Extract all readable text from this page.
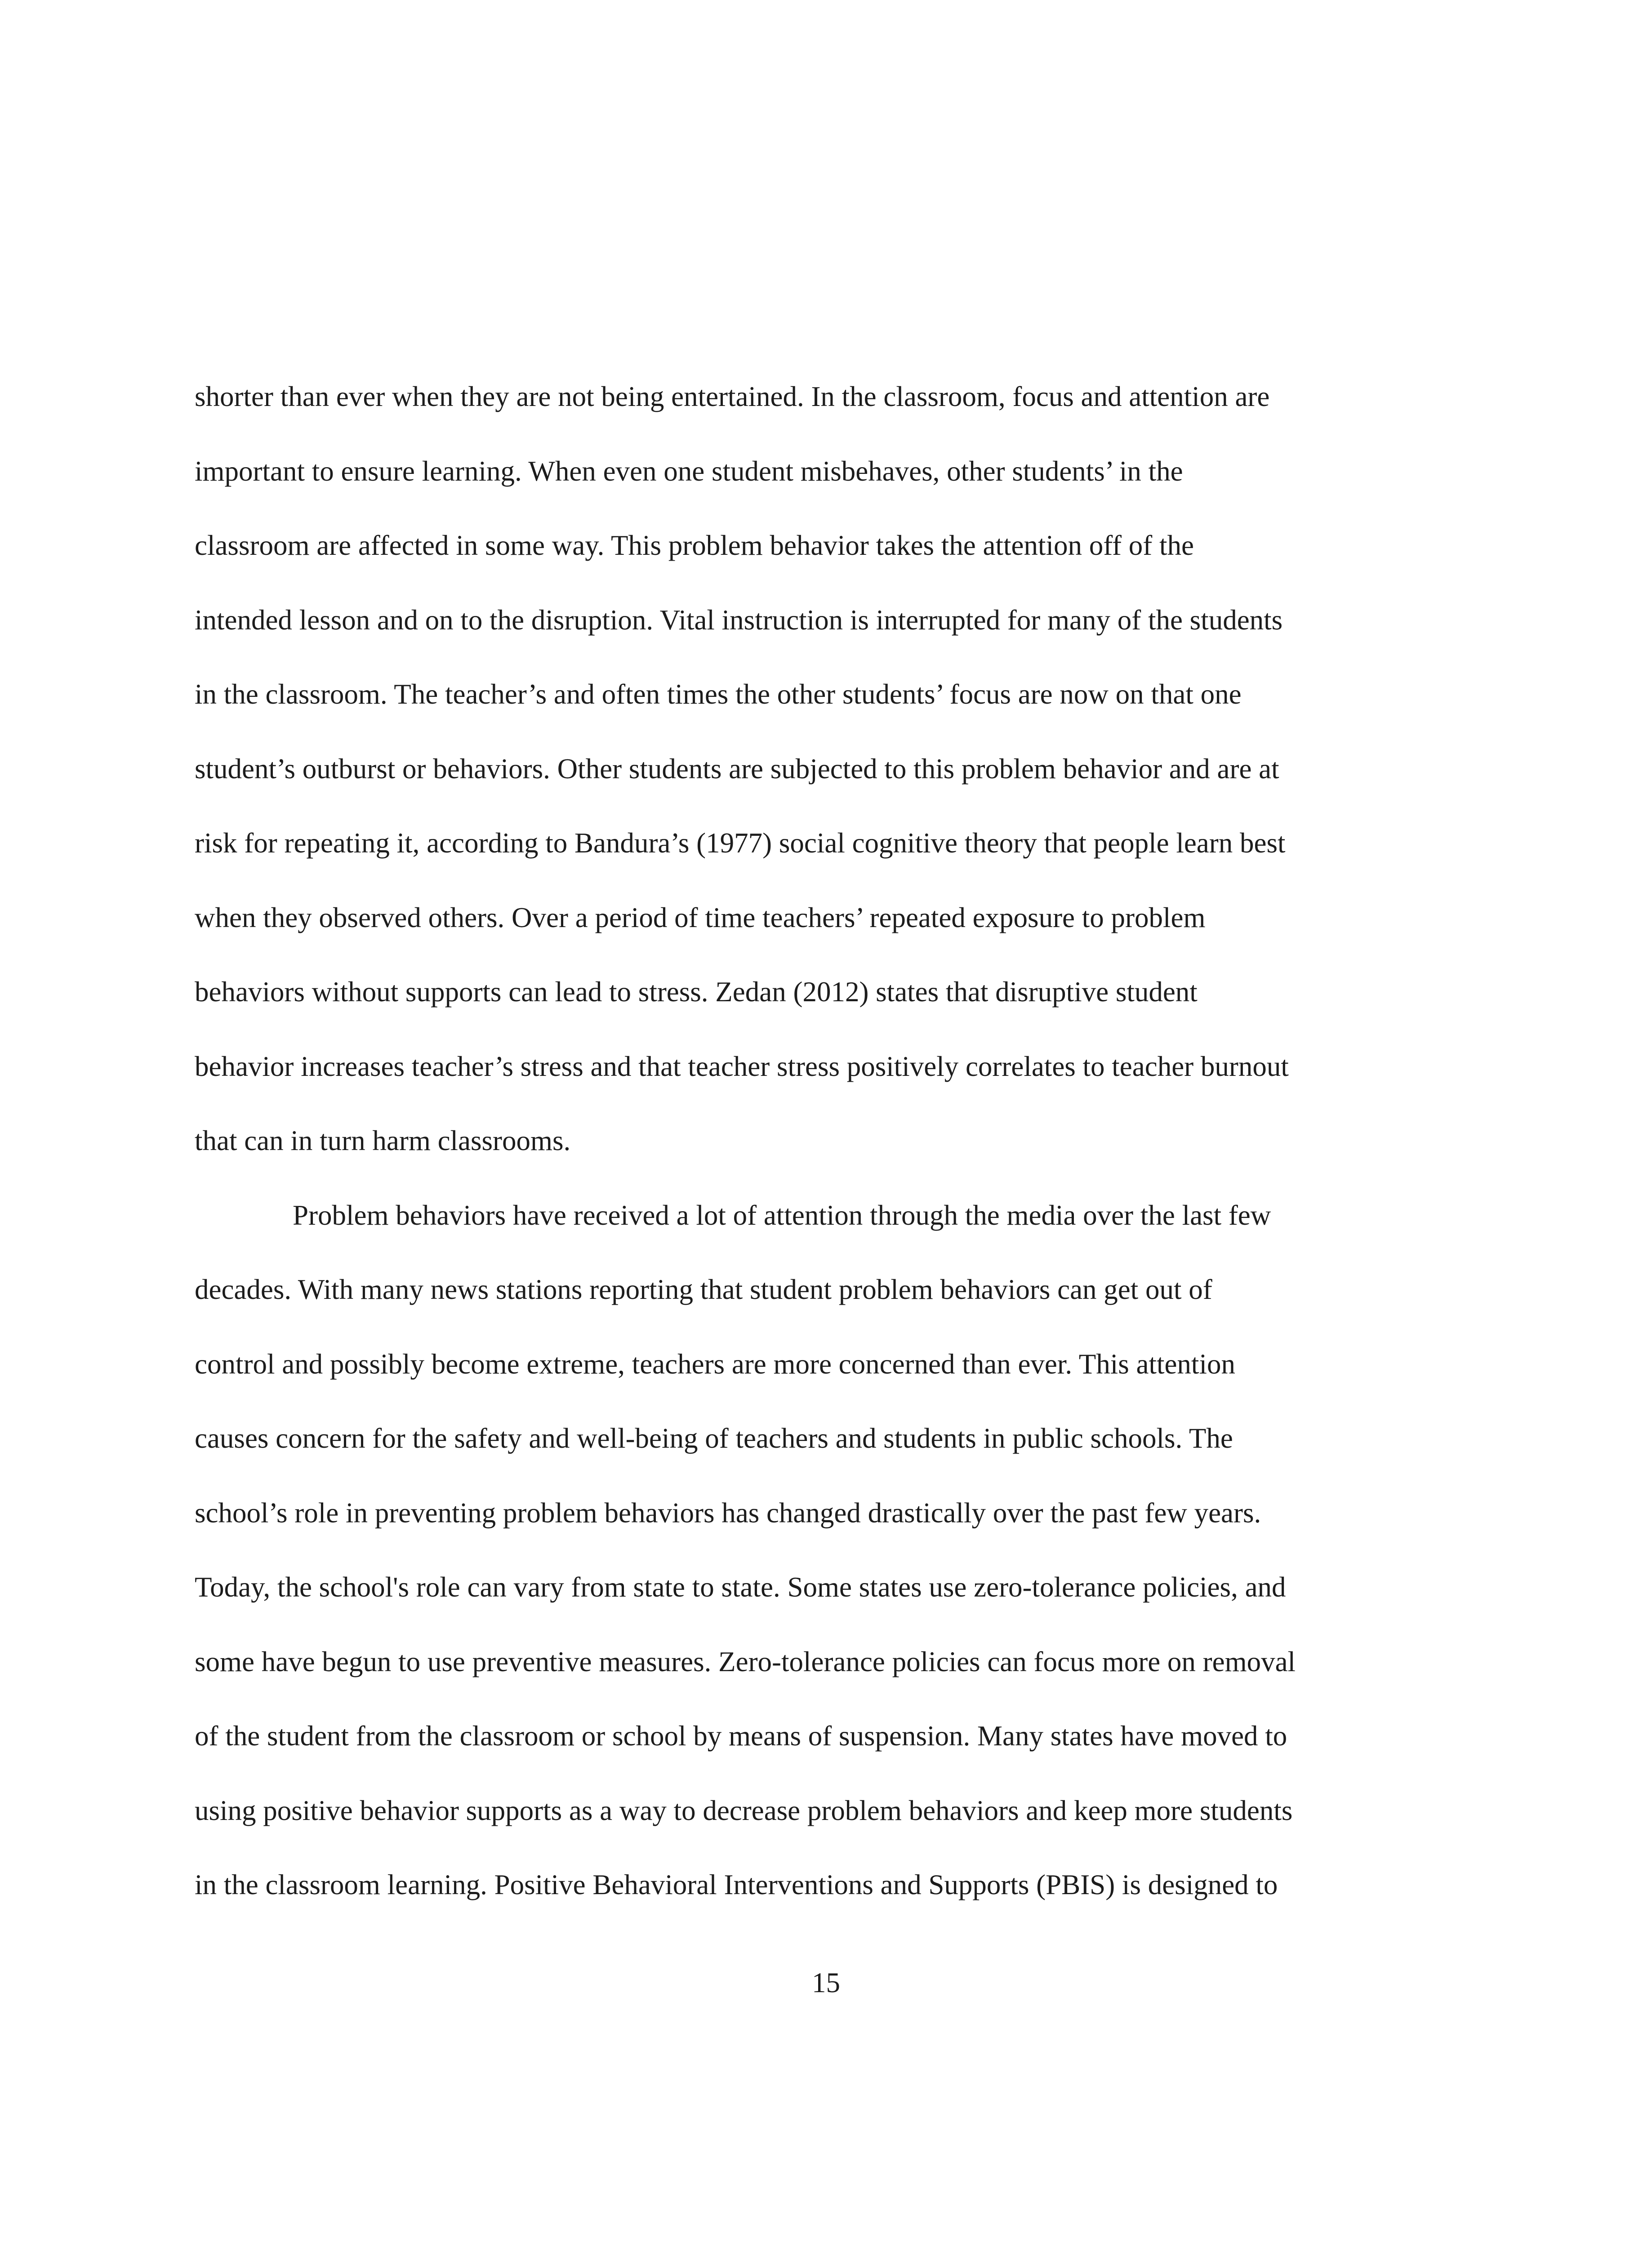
shorter than ever when they are not being entertained. In the classroom, focus and attention are
important to ensure learning. When even one student misbehaves, other students’ in the
classroom are affected in some way. This problem behavior takes the attention off of the
intended lesson and on to the disruption. Vital instruction is interrupted for many of the students
in the classroom. The teacher’s and often times the other students’ focus are now on that one
student’s outburst or behaviors. Other students are subjected to this problem behavior and are at
risk for repeating it, according to Bandura’s (1977) social cognitive theory that people learn best
when they observed others. Over a period of time teachers’ repeated exposure to problem
behaviors without supports can lead to stress. Zedan (2012) states that disruptive student
behavior increases teacher’s stress and that teacher stress positively correlates to teacher burnout
that can in turn harm classrooms.
Problem behaviors have received a lot of attention through the media over the last few
decades. With many news stations reporting that student problem behaviors can get out of
control and possibly become extreme, teachers are more concerned than ever. This attention
causes concern for the safety and well-being of teachers and students in public schools. The
school’s role in preventing problem behaviors has changed drastically over the past few years.
Today, the school's role can vary from state to state. Some states use zero-tolerance policies, and
some have begun to use preventive measures. Zero-tolerance policies can focus more on removal
of the student from the classroom or school by means of suspension. Many states have moved to
using positive behavior supports as a way to decrease problem behaviors and keep more students
in the classroom learning. Positive Behavioral Interventions and Supports (PBIS) is designed to
15
